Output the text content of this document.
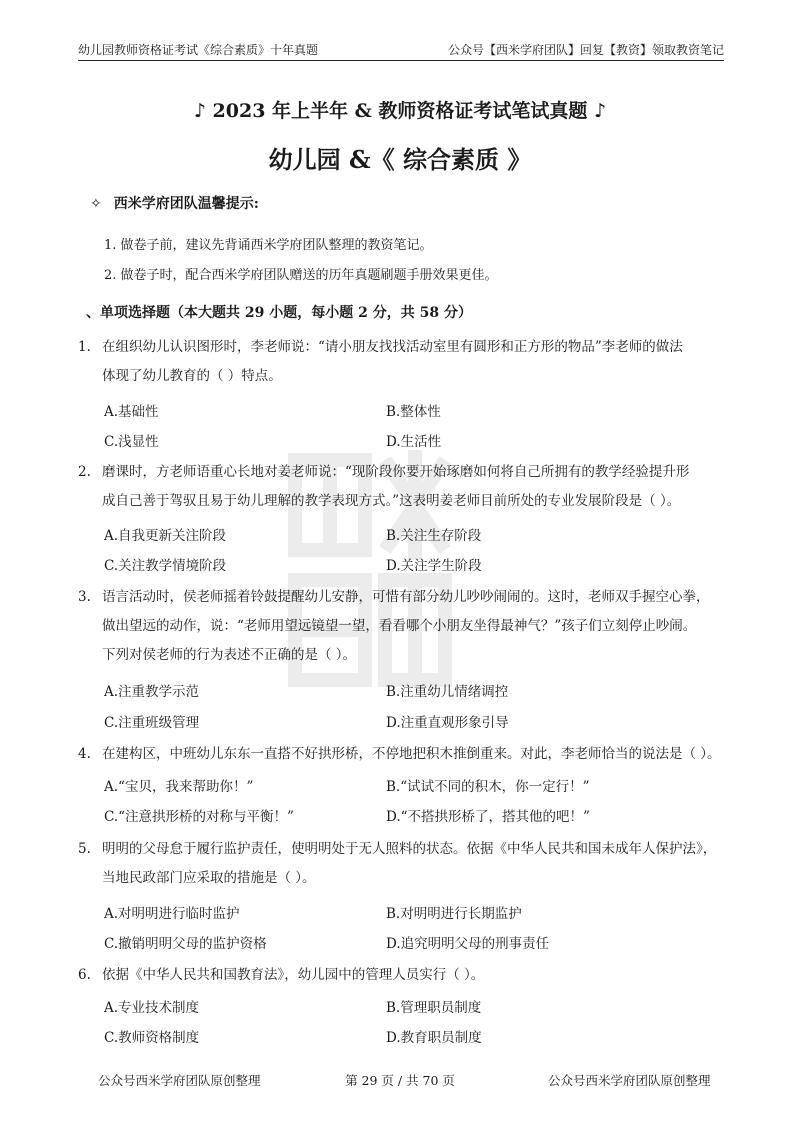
幼儿园教师资格证考试《综合素质》十年真题	公众号【西米学府团队】回复【教资】领取教资笔记
♪ 2023 年上半年 & 教师资格证考试笔试真题 ♪
幼儿园 &《 综合素质 》
✧ 西米学府团队温馨提示:
1. 做卷子前，建议先背诵西米学府团队整理的教资笔记。
2. 做卷子时，配合西米学府团队赠送的历年真题刷题手册效果更佳。
、单项选择题（本大题共 29 小题，每小题 2 分，共 58 分）
1. 在组织幼儿认识图形时，李老师说：“请小朋友找找活动室里有圆形和正方形的物品”李老师的做法
体现了幼儿教育的（ ）特点。
A.基础性	B.整体性
C.浅显性	D.生活性
2. 磨课时，方老师语重心长地对姜老师说：“现阶段你要开始琢磨如何将自己所拥有的教学经验提升形
成自己善于驾驭且易于幼儿理解的教学表现方式。”这表明姜老师目前所处的专业发展阶段是（ ）。
A.自我更新关注阶段	B.关注生存阶段
C.关注教学情境阶段	D.关注学生阶段
3. 语言活动时，侯老师摇着铃鼓提醒幼儿安静，可惜有部分幼儿吵吵闹闹的。这时，老师双手握空心拳，
做出望远的动作，说：“老师用望远镜望一望，看看哪个小朋友坐得最神气？”孩子们立刻停止吵闹。
下列对侯老师的行为表述不正确的是（ ）。
A.注重教学示范	B.注重幼儿情绪调控
C.注重班级管理	D.注重直观形象引导
4. 在建构区，中班幼儿东东一直搭不好拱形桥，不停地把积木推倒重来。对此，李老师恰当的说法是（ ）。
A.“宝贝，我来帮助你！”	B.“试试不同的积木，你一定行！”
C.“注意拱形桥的对称与平衡！”	D.“不搭拱形桥了，搭其他的吧！”
5. 明明的父母怠于履行监护责任，使明明处于无人照料的状态。依据《中华人民共和国未成年人保护法》，
当地民政部门应采取的措施是（ ）。
A.对明明进行临时监护	B.对明明进行长期监护
C.撤销明明父母的监护资格	D.追究明明父母的刑事责任
6. 依据《中华人民共和国教育法》，幼儿园中的管理人员实行（ ）。
A.专业技术制度	B.管理职员制度
C.教师资格制度	D.教育职员制度
公众号西米学府团队原创整理	第 29 页 / 共 70 页	公众号西米学府团队原创整理
